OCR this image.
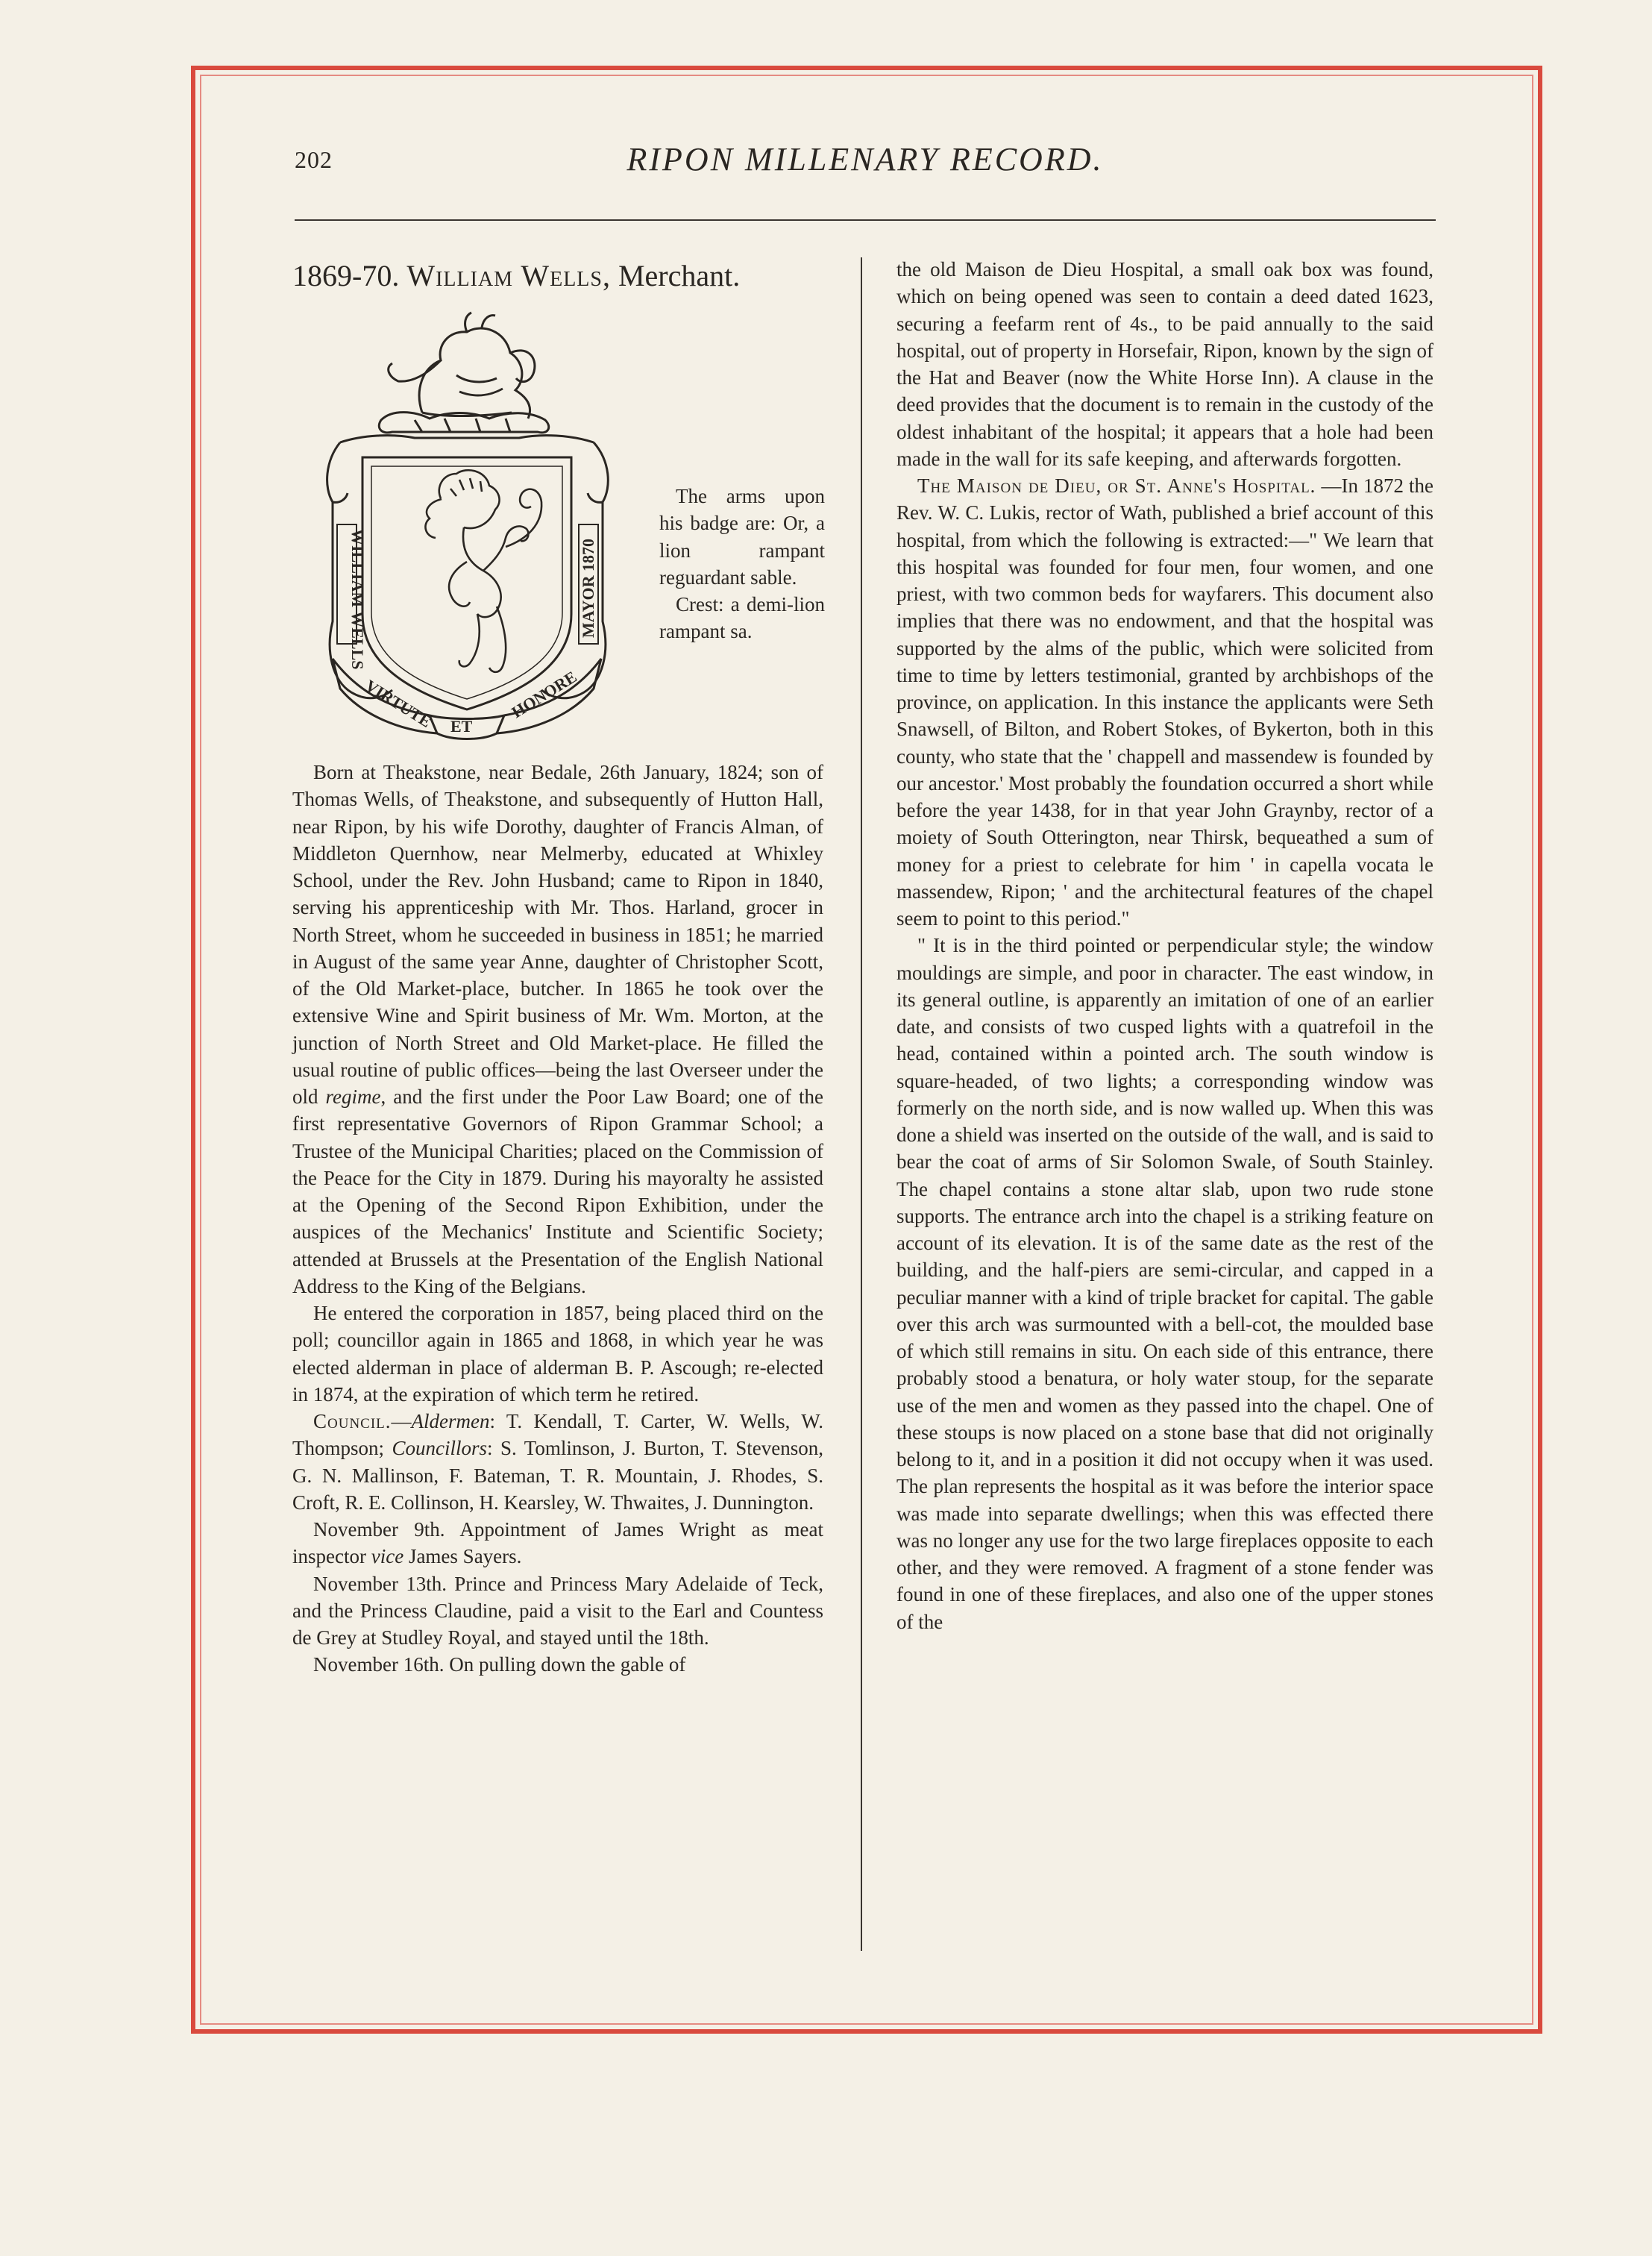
202	RIPON MILLENARY RECORD.
1869-70. William Wells, Merchant.
WILLIAM WELLS	MAYOR 1870
VIRTUTE ET
HONORE

The arms upon his badge are: Or, a lion rampant reguardant sable.

Crest: a demi-lion rampant sa.

Born at Theakstone, near Bedale, 26th January, 1824; son of Thomas Wells, of Theakstone, and subsequently of Hutton Hall, near Ripon, by his wife Dorothy, daughter of Francis Alman, of Middleton Quernhow, near Melmerby, educated at Whixley School, under the Rev. John Husband; came to Ripon in 1840, serving his apprenticeship with Mr. Thos. Harland, grocer in North Street, whom he succeeded in business in 1851; he married in August of the same year Anne, daughter of Christopher Scott, of the Old Market-place, butcher. In 1865 he took over the extensive Wine and Spirit business of Mr. Wm. Morton, at the junction of North Street and Old Market-place. He filled the usual routine of public offices—being the last Overseer under the old regime, and the first under the Poor Law Board; one of the first representative Governors of Ripon Grammar School; a Trustee of the Municipal Charities; placed on the Commission of the Peace for the City in 1879. During his mayoralty he assisted at the Opening of the Second Ripon Exhibition, under the auspices of the Mechanics' Institute and Scientific Society; attended at Brussels at the Presentation of the English National Address to the King of the Belgians.

He entered the corporation in 1857, being placed third on the poll; councillor again in 1865 and 1868, in which year he was elected alderman in place of alderman B. P. Ascough; re-elected in 1874, at the expiration of which term he retired.

Council.—Aldermen: T. Kendall, T. Carter, W. Wells, W. Thompson; Councillors: S. Tomlinson, J. Burton, T. Stevenson, G. N. Mallinson, F. Bateman, T. R. Mountain, J. Rhodes, S. Croft, R. E. Collinson, H. Kearsley, W. Thwaites, J. Dunnington.

November 9th. Appointment of James Wright as meat inspector vice James Sayers.

November 13th. Prince and Princess Mary Adelaide of Teck, and the Princess Claudine, paid a visit to the Earl and Countess de Grey at Studley Royal, and stayed until the 18th.

November 16th. On pulling down the gable of

the old Maison de Dieu Hospital, a small oak box was found, which on being opened was seen to contain a deed dated 1623, securing a feefarm rent of 4s., to be paid annually to the said hospital, out of property in Horsefair, Ripon, known by the sign of the Hat and Beaver (now the White Horse Inn). A clause in the deed provides that the document is to remain in the custody of the oldest inhabitant of the hospital; it appears that a hole had been made in the wall for its safe keeping, and afterwards forgotten.

The Maison de Dieu, or St. Anne's Hospital. —In 1872 the Rev. W. C. Lukis, rector of Wath, published a brief account of this hospital, from which the following is extracted:—" We learn that this hospital was founded for four men, four women, and one priest, with two common beds for wayfarers. This document also implies that there was no endowment, and that the hospital was supported by the alms of the public, which were solicited from time to time by letters testimonial, granted by archbishops of the province, on application. In this instance the applicants were Seth Snawsell, of Bilton, and Robert Stokes, of Bykerton, both in this county, who state that the ' chappell and massendew is founded by our ancestor.' Most probably the foundation occurred a short while before the year 1438, for in that year John Graynby, rector of a moiety of South Otterington, near Thirsk, bequeathed a sum of money for a priest to celebrate for him ' in capella vocata le massendew, Ripon; ' and the architectural features of the chapel seem to point to this period."

" It is in the third pointed or perpendicular style; the window mouldings are simple, and poor in character. The east window, in its general outline, is apparently an imitation of one of an earlier date, and consists of two cusped lights with a quatrefoil in the head, contained within a pointed arch. The south window is square-headed, of two lights; a corresponding window was formerly on the north side, and is now walled up. When this was done a shield was inserted on the outside of the wall, and is said to bear the coat of arms of Sir Solomon Swale, of South Stainley. The chapel contains a stone altar slab, upon two rude stone supports. The entrance arch into the chapel is a striking feature on account of its elevation. It is of the same date as the rest of the building, and the half-piers are semi-circular, and capped in a peculiar manner with a kind of triple bracket for capital. The gable over this arch was surmounted with a bell-cot, the moulded base of which still remains in situ. On each side of this entrance, there probably stood a benatura, or holy water stoup, for the separate use of the men and women as they passed into the chapel. One of these stoups is now placed on a stone base that did not originally belong to it, and in a position it did not occupy when it was used. The plan represents the hospital as it was before the interior space was made into separate dwellings; when this was effected there was no longer any use for the two large fireplaces opposite to each other, and they were removed. A fragment of a stone fender was found in one of these fireplaces, and also one of the upper stones of the
